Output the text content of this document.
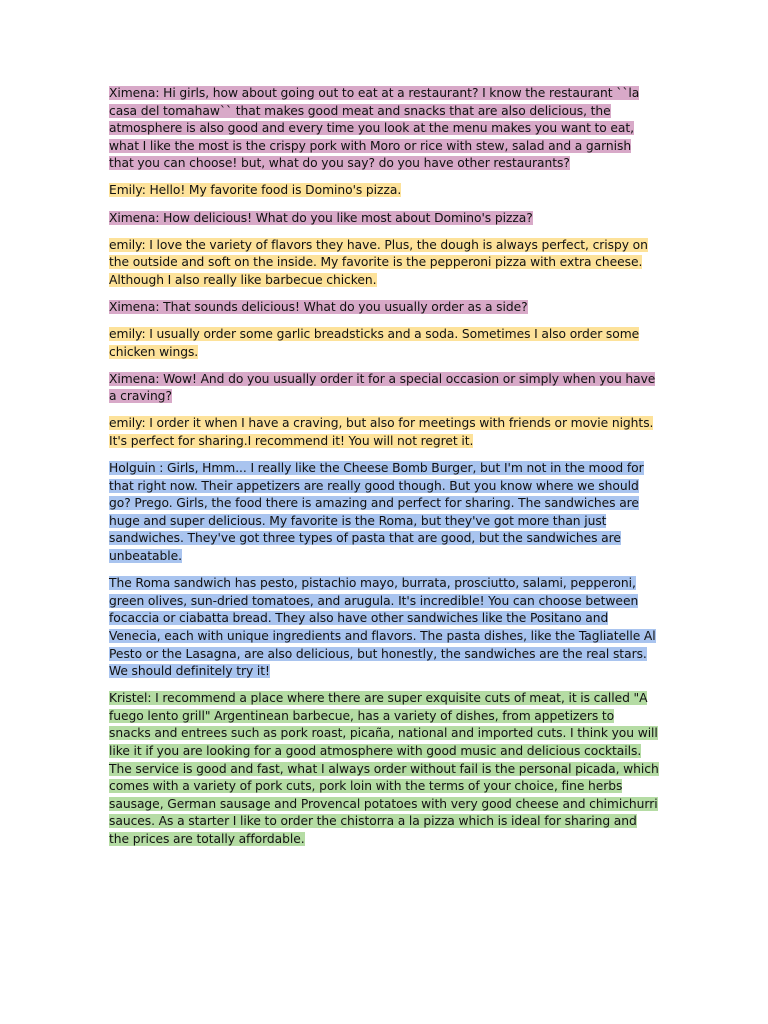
Ximena: Hi girls, how about going out to eat at a restaurant? I know the restaurant ``la casa del tomahaw`` that makes good meat and snacks that are also delicious, the atmosphere is also good and every time you look at the menu makes you want to eat, what I like the most is the crispy pork with Moro or rice with stew, salad and a garnish that you can choose! but, what do you say? do you have other restaurants?

Emily: Hello! My favorite food is Domino's pizza.

Ximena: How delicious! What do you like most about Domino's pizza?

emily: I love the variety of flavors they have. Plus, the dough is always perfect, crispy on the outside and soft on the inside. My favorite is the pepperoni pizza with extra cheese. Although I also really like barbecue chicken.

Ximena: That sounds delicious! What do you usually order as a side?

emily: I usually order some garlic breadsticks and a soda. Sometimes I also order some chicken wings.

Ximena: Wow! And do you usually order it for a special occasion or simply when you have a craving?

emily: I order it when I have a craving, but also for meetings with friends or movie nights. It's perfect for sharing.I recommend it! You will not regret it.

Holguin : Girls, Hmm... I really like the Cheese Bomb Burger, but I'm not in the mood for that right now. Their appetizers are really good though. But you know where we should go? Prego. Girls, the food there is amazing and perfect for sharing. The sandwiches are huge and super delicious. My favorite is the Roma, but they've got more than just sandwiches. They've got three types of pasta that are good, but the sandwiches are unbeatable.

The Roma sandwich has pesto, pistachio mayo, burrata, prosciutto, salami, pepperoni, green olives, sun-dried tomatoes, and arugula. It's incredible! You can choose between focaccia or ciabatta bread. They also have other sandwiches like the Positano and Venecia, each with unique ingredients and flavors. The pasta dishes, like the Tagliatelle Al Pesto or the Lasagna, are also delicious, but honestly, the sandwiches are the real stars. We should definitely try it!

Kristel: I recommend a place where there are super exquisite cuts of meat, it is called "A fuego lento grill" Argentinean barbecue, has a variety of dishes, from appetizers to snacks and entrees such as pork roast, picaña, national and imported cuts. I think you will like it if you are looking for a good atmosphere with good music and delicious cocktails. The service is good and fast, what I always order without fail is the personal picada, which comes with a variety of pork cuts, pork loin with the terms of your choice, fine herbs sausage, German sausage and Provencal potatoes with very good cheese and chimichurri sauces. As a starter I like to order the chistorra a la pizza which is ideal for sharing and the prices are totally affordable.
